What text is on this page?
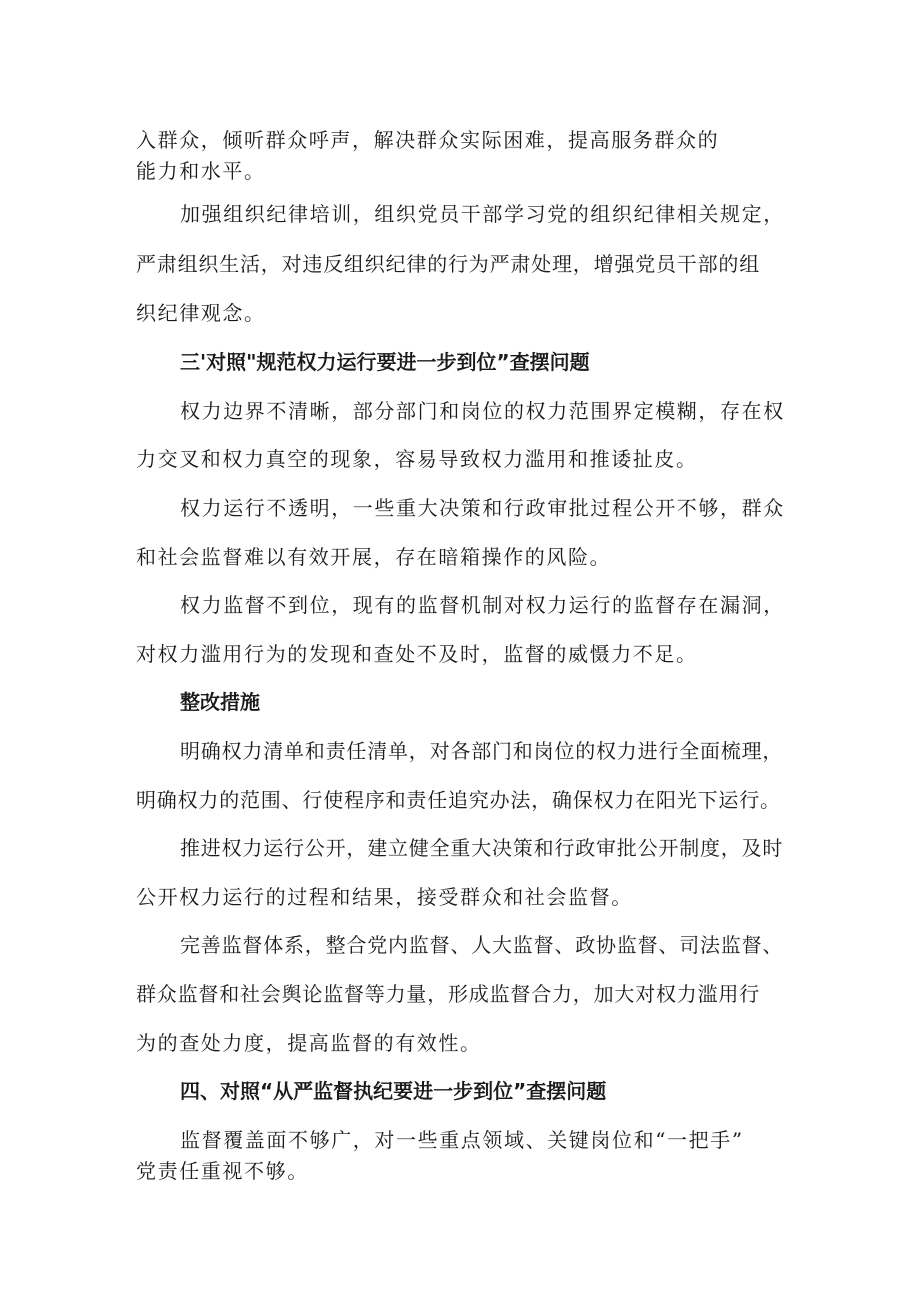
入群众，倾听群众呼声，解决群众实际困难，提高服务群众的

能力和水平。

加强组织纪律培训，组织党员干部学习党的组织纪律相关规定，

严肃组织生活，对违反组织纪律的行为严肃处理，增强党员干部的组

织纪律观念。

三'对照"规范权力运行要进一步到位”查摆问题

权力边界不清晰，部分部门和岗位的权力范围界定模糊，存在权

力交叉和权力真空的现象，容易导致权力滥用和推诿扯皮。

权力运行不透明，一些重大决策和行政审批过程公开不够，群众

和社会监督难以有效开展，存在暗箱操作的风险。

权力监督不到位，现有的监督机制对权力运行的监督存在漏洞，

对权力滥用行为的发现和查处不及时，监督的威慑力不足。

整改措施

明确权力清单和责任清单，对各部门和岗位的权力进行全面梳理，

明确权力的范围、行使程序和责任追究办法，确保权力在阳光下运行。

推进权力运行公开，建立健全重大决策和行政审批公开制度，及时

公开权力运行的过程和结果，接受群众和社会监督。

完善监督体系，整合党内监督、人大监督、政协监督、司法监督、

群众监督和社会舆论监督等力量，形成监督合力，加大对权力滥用行

为的查处力度，提高监督的有效性。

四、对照“从严监督执纪要进一步到位”查摆问题

监督覆盖面不够广，对一些重点领域、关键岗位和“一把手”

党责任重视不够。
